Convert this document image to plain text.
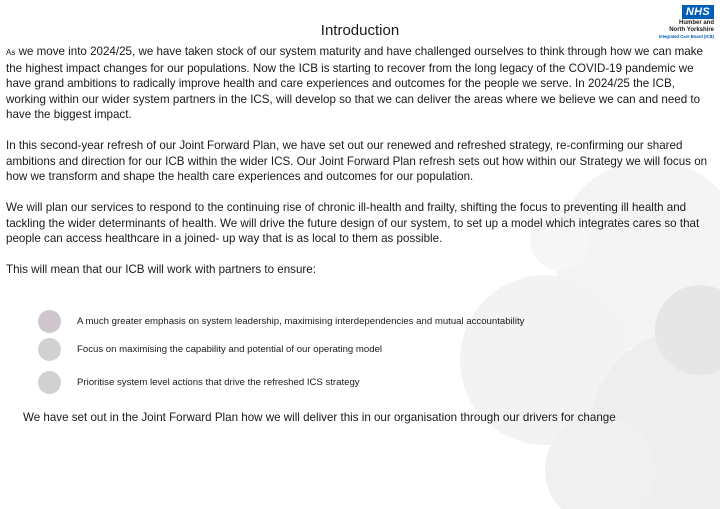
Introduction
NHS
Humber and
North Yorkshire
Integrated Care Board (ICB)

As we move into 2024/25, we have taken stock of our system maturity and have challenged ourselves to think through how we can make the highest impact changes for our populations. Now the ICB is starting to recover from the long legacy of the COVID-19 pandemic we have grand ambitions to radically improve health and care experiences and outcomes for the people we serve. In 2024/25 the ICB, working within our wider system partners in the ICS, will develop so that we can deliver the areas where we believe we can and need to have the biggest impact.

In this second-year refresh of our Joint Forward Plan, we have set out our renewed and refreshed strategy, re-confirming our shared ambitions and direction for our ICB within the wider ICS. Our Joint Forward Plan refresh sets out how within our Strategy we will focus on how we transform and shape the health care experiences and outcomes for our population.

We will plan our services to respond to the continuing rise of chronic ill-health and frailty, shifting the focus to preventing ill health and tackling the wider determinants of health. We will drive the future design of our system, to set up a model which integrates cares so that people can access healthcare in a joined- up way that is as local to them as possible.

This will mean that our ICB will work with partners to ensure:

A much greater emphasis on system leadership, maximising interdependencies and mutual accountability
Focus on maximising the capability and potential of our operating model
Prioritise system level actions that drive the refreshed ICS strategy
We have set out in the Joint Forward Plan how we will deliver this in our organisation through our drivers for change
